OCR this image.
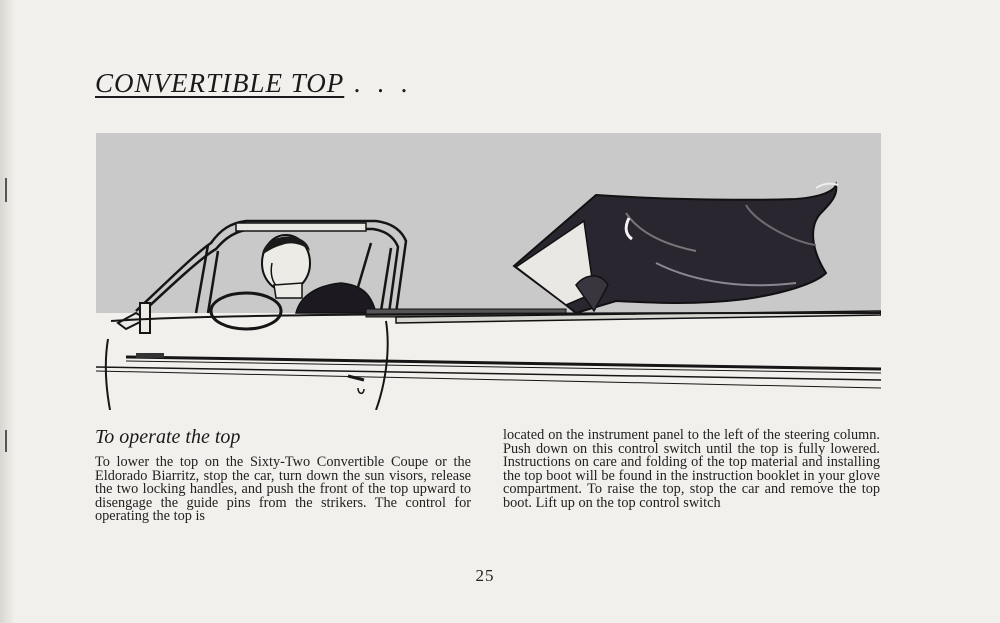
CONVERTIBLE TOP . . .
To operate the top

To lower the top on the Sixty-Two Convertible Coupe or the Eldorado Biarritz, stop the car, turn down the sun visors, release the two locking handles, and push the front of the top upward to disengage the guide pins from the strikers. The control for operating the top is

located on the instrument panel to the left of the steering column. Push down on this control switch until the top is fully lowered. Instructions on care and folding of the top material and installing the top boot will be found in the instruction booklet in your glove compartment. To raise the top, stop the car and remove the top boot. Lift up on the top control switch

25
